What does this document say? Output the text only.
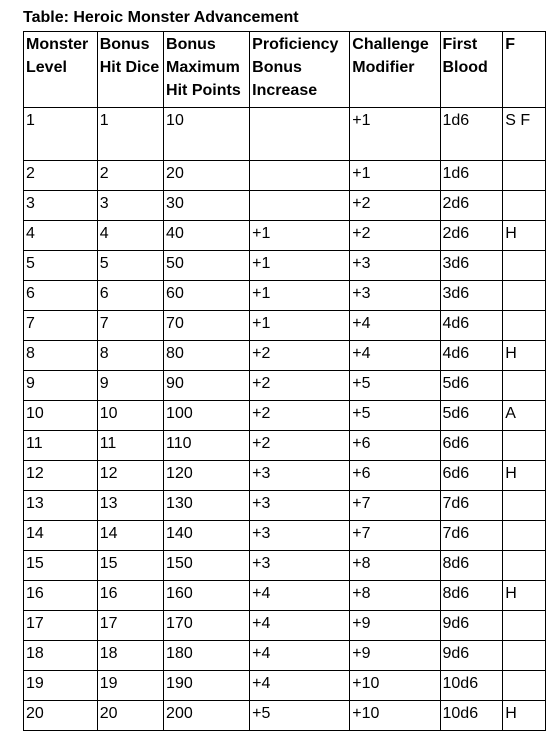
Table: Heroic Monster Advancement
Monster Level	Bonus Hit Dice	Bonus Maximum Hit Points	Proficiency Bonus Increase	Challenge Modifier	First Blood	F
1	1	10		+1	1d6	S F
2	2	20		+1	1d6	
3	3	30		+2	2d6	
4	4	40	+1	+2	2d6	H
5	5	50	+1	+3	3d6	
6	6	60	+1	+3	3d6	
7	7	70	+1	+4	4d6	
8	8	80	+2	+4	4d6	H
9	9	90	+2	+5	5d6	
10	10	100	+2	+5	5d6	A
11	11	110	+2	+6	6d6	
12	12	120	+3	+6	6d6	H
13	13	130	+3	+7	7d6	
14	14	140	+3	+7	7d6	
15	15	150	+3	+8	8d6	
16	16	160	+4	+8	8d6	H
17	17	170	+4	+9	9d6	
18	18	180	+4	+9	9d6	
19	19	190	+4	+10	10d6	
20	20	200	+5	+10	10d6	H
